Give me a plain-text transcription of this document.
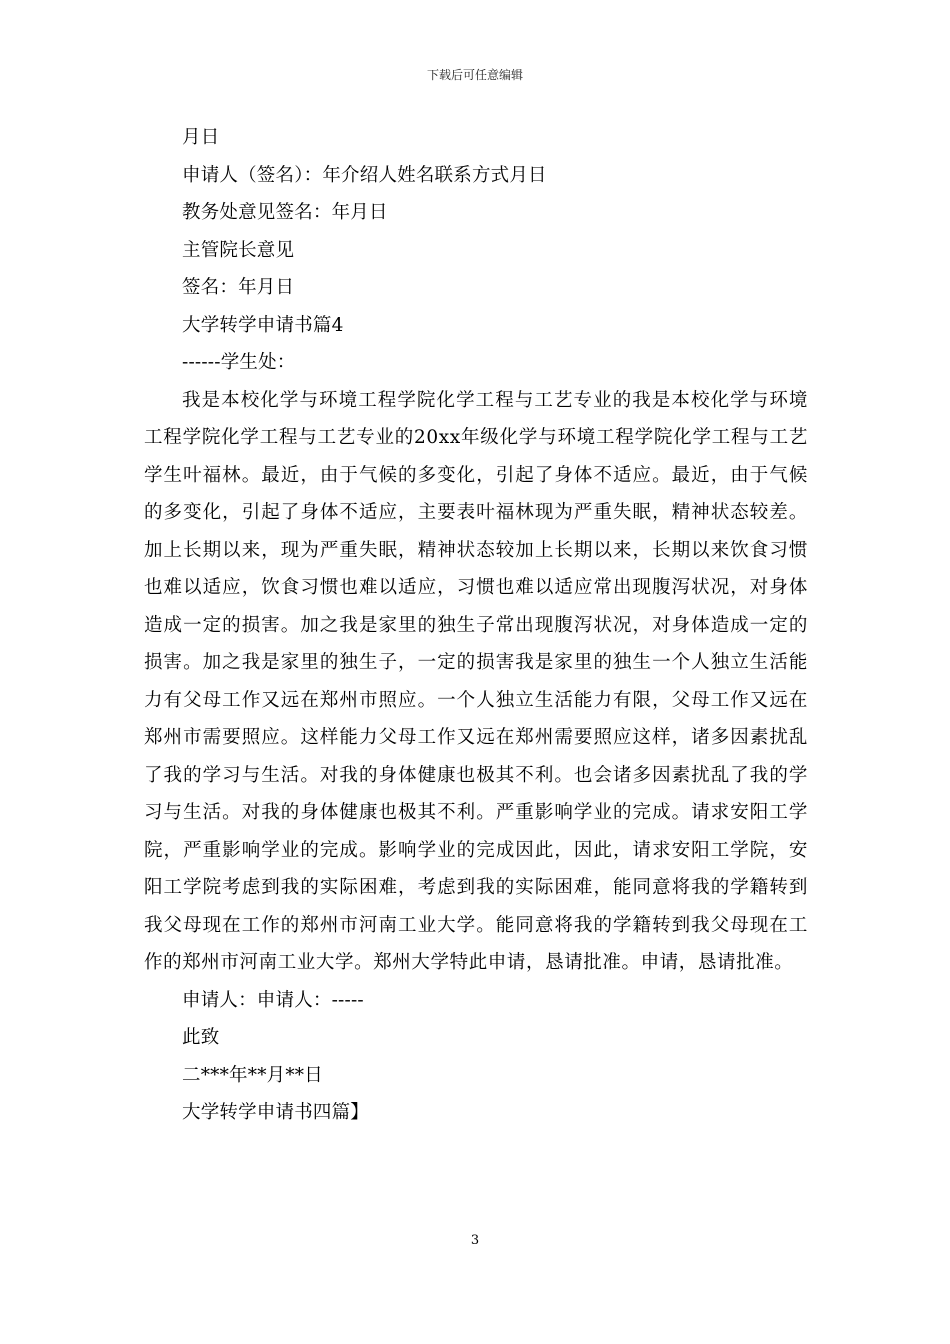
下载后可任意编辑

月日

申请人（签名）：年介绍人姓名联系方式月日

教务处意见签名：年月日

主管院长意见

签名：年月日

大学转学申请书篇4

------学生处：

我是本校化学与环境工程学院化学工程与工艺专业的我是本校化学与环境工程学院化学工程与工艺专业的20xx年级化学与环境工程学院化学工程与工艺学生叶福林。最近，由于气候的多变化，引起了身体不适应。最近，由于气候的多变化，引起了身体不适应，主要表叶福林现为严重失眠，精神状态较差。加上长期以来，现为严重失眠，精神状态较加上长期以来，长期以来饮食习惯也难以适应，饮食习惯也难以适应，习惯也难以适应常出现腹泻状况，对身体造成一定的损害。加之我是家里的独生子常出现腹泻状况，对身体造成一定的损害。加之我是家里的独生子，一定的损害我是家里的独生一个人独立生活能力有父母工作又远在郑州市照应。一个人独立生活能力有限，父母工作又远在郑州市需要照应。这样能力父母工作又远在郑州需要照应这样，诸多因素扰乱了我的学习与生活。对我的身体健康也极其不利。也会诸多因素扰乱了我的学习与生活。对我的身体健康也极其不利。严重影响学业的完成。请求安阳工学院，严重影响学业的完成。影响学业的完成因此，因此，请求安阳工学院，安阳工学院考虑到我的实际困难，考虑到我的实际困难，能同意将我的学籍转到我父母现在工作的郑州市河南工业大学。能同意将我的学籍转到我父母现在工作的郑州市河南工业大学。郑州大学特此申请，恳请批准。申请，恳请批准。

申请人：申请人：-----

此致

二***年**月**日

大学转学申请书四篇】

3
